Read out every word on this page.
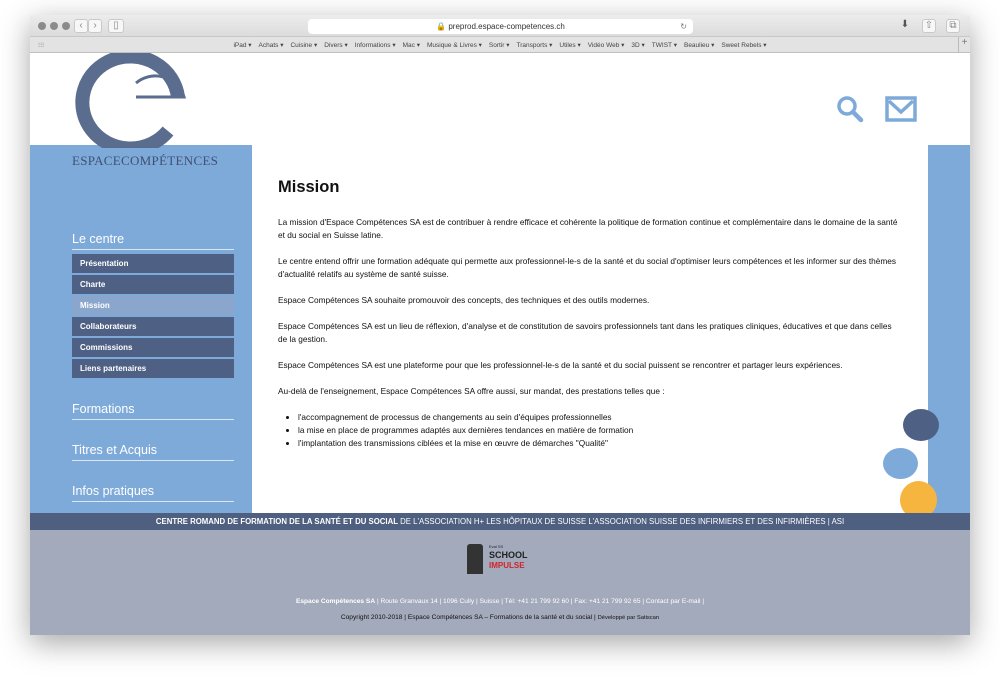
‹	›	▯	🔒 preprod.espace-competences.ch	↻	⬇ ⇧	⧉
⁝⁝⁝	iPad ▾ Achats ▾ Cuisine ▾ Divers ▾ Informations ▾ Mac ▾ Musique & Livres ▾ Sortir ▾ Transports ▾ Utiles ▾ Vidéo Web ▾ 3D ▾ TWIST ▾ Beaulieu ▾ Sweet Rebels ▾	+
Le centre
Présentation
Charte
Mission
Collaborateurs
Commissions
Liens partenaires
Formations
Titres et Acquis
Infos pratiques
ESPACECOMPÉTENCES
Mission

La mission d'Espace Compétences SA est de contribuer à rendre efficace et cohérente la politique de formation continue et complémentaire dans le domaine de la santé et du social en Suisse latine.

Le centre entend offrir une formation adéquate qui permette aux professionnel-le-s de la santé et du social d'optimiser leurs compétences et les informer sur des thèmes d'actualité relatifs au système de santé suisse.

Espace Compétences SA souhaite promouvoir des concepts, des techniques et des outils modernes.

Espace Compétences SA est un lieu de réflexion, d'analyse et de constitution de savoirs professionnels tant dans les pratiques cliniques, éducatives et que dans celles de la gestion.

Espace Compétences SA est une plateforme pour que les professionnel-le-s de la santé et du social puissent se rencontrer et partager leurs expériences.

Au-delà de l'enseignement, Espace Compétences SA offre aussi, sur mandat, des prestations telles que :

• l'accompagnement de processus de changements au sein d'équipes professionnelles
• la mise en place de programmes adaptés aux dernières tendances en matière de formation
• l'implantation des transmissions ciblées et la mise en œuvre de démarches "Qualité"
CENTRE ROMAND DE FORMATION DE LA SANTÉ ET DU SOCIAL DE L'ASSOCIATION H+ LES HÔPITAUX DE SUISSE L'ASSOCIATION SUISSE DES INFIRMIERS ET DES INFIRMIÈRES | ASI
Eval SS
SCHOOL
IMPULSE
Espace Compétences SA | Route Granvaux 14 | 1096 Cully | Suisse | Tél: +41 21 799 92 60 | Fax: +41 21 799 92 65 | Contact par E-mail |
Copyright 2010-2018 | Espace Compétences SA – Formations de la santé et du social | Développé par Satiscan
